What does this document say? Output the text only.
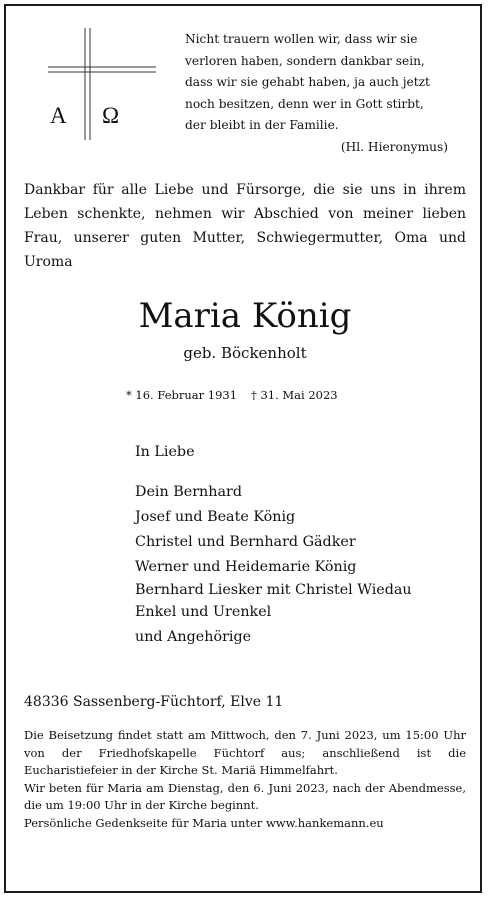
Α Ω
Nicht trauern wollen wir, dass wir sie
verloren haben, sondern dankbar sein,
dass wir sie gehabt haben, ja auch jetzt
noch besitzen, denn wer in Gott stirbt,
der bleibt in der Familie.
(Hl. Hieronymus)
Dankbar für alle Liebe und Fürsorge, die sie uns in ihrem Leben schenkte, nehmen wir Abschied von meiner lieben Frau, unserer guten Mutter, Schwiegermutter, Oma und Uroma
Maria König
geb. Böckenholt
* 16. Februar 1931 † 31. Mai 2023
In Liebe
Dein Bernhard
Josef und Beate König
Christel und Bernhard Gädker
Werner und Heidemarie König
Bernhard Liesker mit Christel Wiedau
Enkel und Urenkel
und Angehörige
48336 Sassenberg-Füchtorf, Elve 11
Die Beisetzung findet statt am Mittwoch, den 7. Juni 2023, um 15:00 Uhr von der Friedhofskapelle Füchtorf aus; anschließend ist die Eucharistiefeier in der Kirche St. Mariä Himmelfahrt.
Wir beten für Maria am Dienstag, den 6. Juni 2023, nach der Abendmesse, die um 19:00 Uhr in der Kirche beginnt.
Persönliche Gedenkseite für Maria unter www.hankemann.eu
